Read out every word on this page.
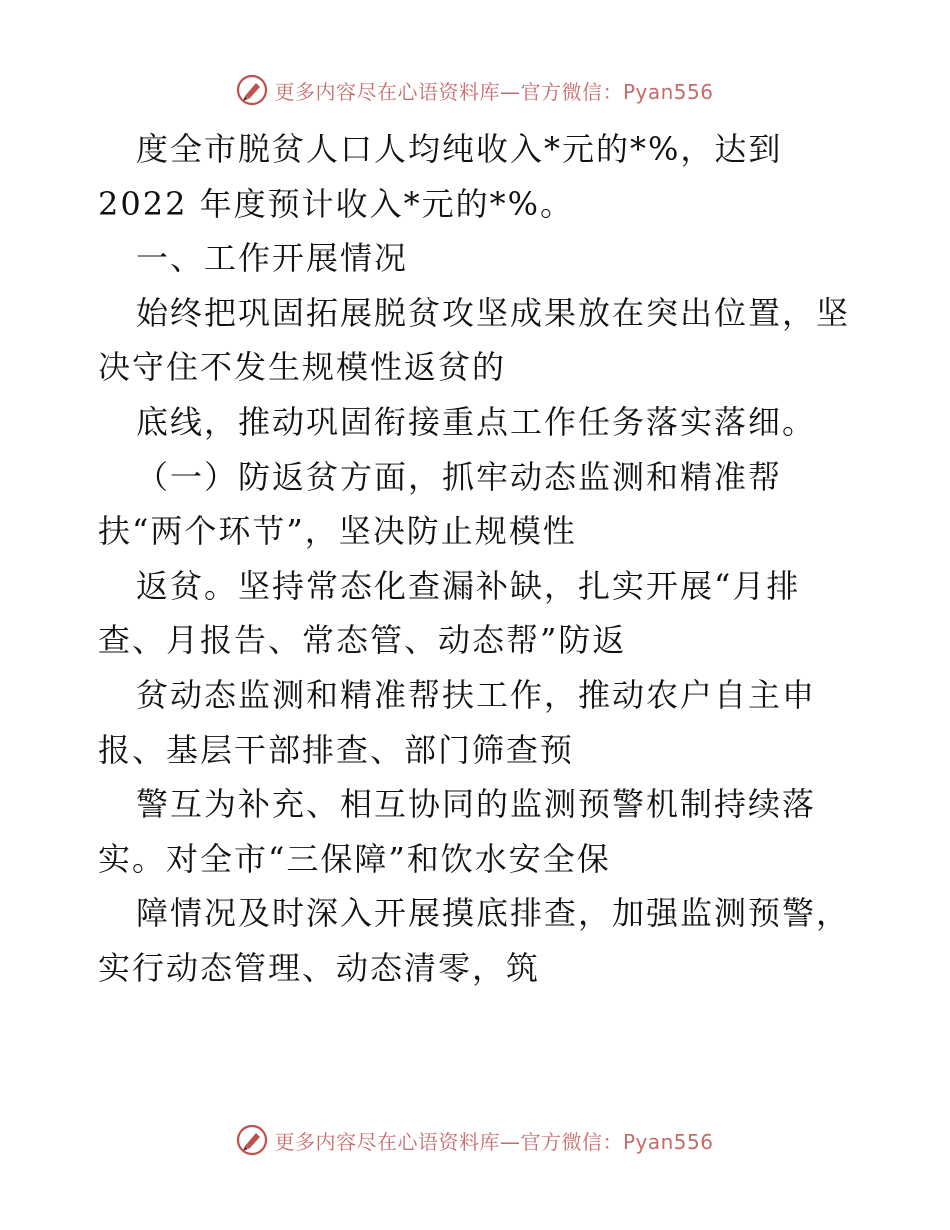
更多内容尽在心语资料库—官方微信：Pyan556
度全市脱贫人口人均纯收入*元的*%，达到
2022 年度预计收入*元的*%。
一、工作开展情况
始终把巩固拓展脱贫攻坚成果放在突出位置，坚
决守住不发生规模性返贫的
底线，推动巩固衔接重点工作任务落实落细。
（一）防返贫方面，抓牢动态监测和精准帮
扶“两个环节”，坚决防止规模性
返贫。坚持常态化查漏补缺，扎实开展“月排
查、月报告、常态管、动态帮”防返
贫动态监测和精准帮扶工作，推动农户自主申
报、基层干部排查、部门筛查预
警互为补充、相互协同的监测预警机制持续落
实。对全市“三保障”和饮水安全保
障情况及时深入开展摸底排查，加强监测预警，
实行动态管理、动态清零，筑
更多内容尽在心语资料库—官方微信：Pyan556
